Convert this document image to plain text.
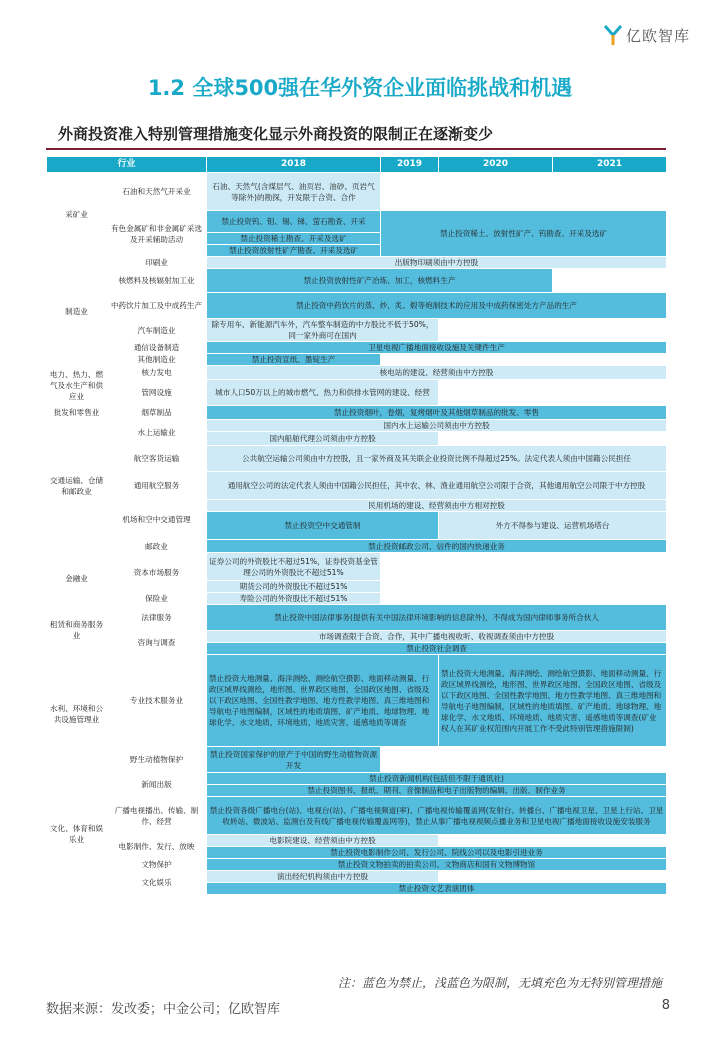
亿欧智库
1.2 全球500强在华外资企业面临挑战和机遇
外商投资准入特别管理措施变化显示外商投资的限制正在逐渐变少
行业		2018	2019	2020	2021
采矿业	石油和天然气开采业	石油、天然气(含煤层气、油页岩、油砂、页岩气等除外)的勘探，开发限于合资、合作			
	有色金属矿和非金属矿采选及开采辅助活动	禁止投资钨、钼、锡、锑、萤石勘查、开采	禁止投资稀土、放射性矿产、钨勘查、开采及选矿		
		禁止投资稀土勘查、开采及选矿			
		禁止投资放射性矿产勘查、开采及选矿			
制造业	印刷业	出版物印刷须由中方控股			
	核燃料及核辐射加工业	禁止投资放射性矿产冶炼、加工，核燃料生产			
	中药饮片加工及中成药生产	禁止投资中药饮片的蒸、炒、炙、煅等炮制技术的应用及中成药保密处方产品的生产			
	汽车制造业	除专用车、新能源汽车外，汽车整车制造的中方股比不低于50%，同一家外商可在国内			
	通信设备制造	卫星电视广播地面接收设施及关键件生产			
	其他制造业	禁止投资宣纸、墨锭生产			
电力、热力、燃气及水生产和供应业	核力发电	核电站的建设、经营须由中方控股			
	管网设施	城市人口50万以上的城市燃气、热力和供排水管网的建设、经营			
批发和零售业	烟草制品	禁止投资烟叶，卷烟，复烤烟叶及其他烟草制品的批发、零售			
交通运输、仓储和邮政业	水上运输业	国内水上运输公司须由中方控股			
		国内船舶代理公司须由中方控股			
	航空客货运输	公共航空运输公司须由中方控股，且一家外商及其关联企业投资比例不得超过25%。法定代表人须由中国籍公民担任			
	通用航空服务	通用航空公司的法定代表人须由中国籍公民担任，其中农、林、渔业通用航空公司限于合资，其他通用航空公司限于中方控股			
	机场和空中交通管理	民用机场的建设、经营须由中方相对控股			
		禁止投资空中交通管制		外方不得参与建设、运营机场塔台	

	邮政业	禁止投资邮政公司、信件的国内快递业务			
金融业	资本市场服务	证券公司的外资股比不超过51%，证券投资基金管理公司的外资股比不超过51%			
		期货公司的外资股比不超过51%			
	保险业	寿险公司的外资股比不超过51%			
租赁和商务服务业	法律服务	禁止投资中国法律事务(提供有关中国法律环境影响的信息除外)，不得成为国内律师事务所合伙人			
	咨询与调查	市场调查限于合资、合作，其中广播电视收听、收视调查须由中方控股			
		禁止投资社会调查			
水利、环境和公共设施管理业	专业技术服务业	禁止投资大地测量、海洋测绘、测绘航空摄影、地面移动测量、行政区域界线测绘，地形图、世界政区地图、全国政区地图、省级及以下政区地图、全国性教学地图、地方性教学地图、真三维地图和导航电子地图编制，区域性的地质填图、矿产地质、地球物理、地球化学、水文地质、环境地质、地质灾害、遥感地质等调查		禁止投资大地测量、海洋测绘、测绘航空摄影、地面移动测量、行政区域界线测绘，地形图、世界政区地图、全国政区地图、省级及以下政区地图、全国性教学地图、地方性教学地图、真三维地图和导航电子地图编制，区域性的地质填图、矿产地质、地球物理、地球化学、水文地质、环境地质、地质灾害、遥感地质等调查(矿业权人在其矿业权范围内开展工作不受此特别管理措施限制)	
	野生动植物保护	禁止投资国家保护的原产于中国的野生动植物资源开发			
文化、体育和娱乐业	新闻出版	禁止投资新闻机构(包括但不限于通讯社)			
		禁止投资图书、报纸、期刊、音像制品和电子出版物的编辑、出版、制作业务			
	广播电视播出、传输、制作、经营	禁止投资各级广播电台(站)、电视台(站)、广播电视频道(率)、广播电视传输覆盖网(发射台、转播台、广播电视卫星、卫星上行站、卫星收转站、微波站、监测台及有线广播电视传输覆盖网等)，禁止从事广播电视视频点播业务和卫星电视广播地面接收设施安装服务			
	电影制作、发行、放映	电影院建设、经营须由中方控股			
		禁止投资电影制作公司、发行公司、院线公司以及电影引进业务			
	文物保护	禁止投资文物拍卖的拍卖公司、文物商店和国有文物博物馆			
	文化娱乐	演出经纪机构须由中方控股			
		禁止投资文艺表演团体			

注：蓝色为禁止，浅蓝色为限制，无填充色为无特别管理措施
数据来源：发改委；中金公司；亿欧智库	8
